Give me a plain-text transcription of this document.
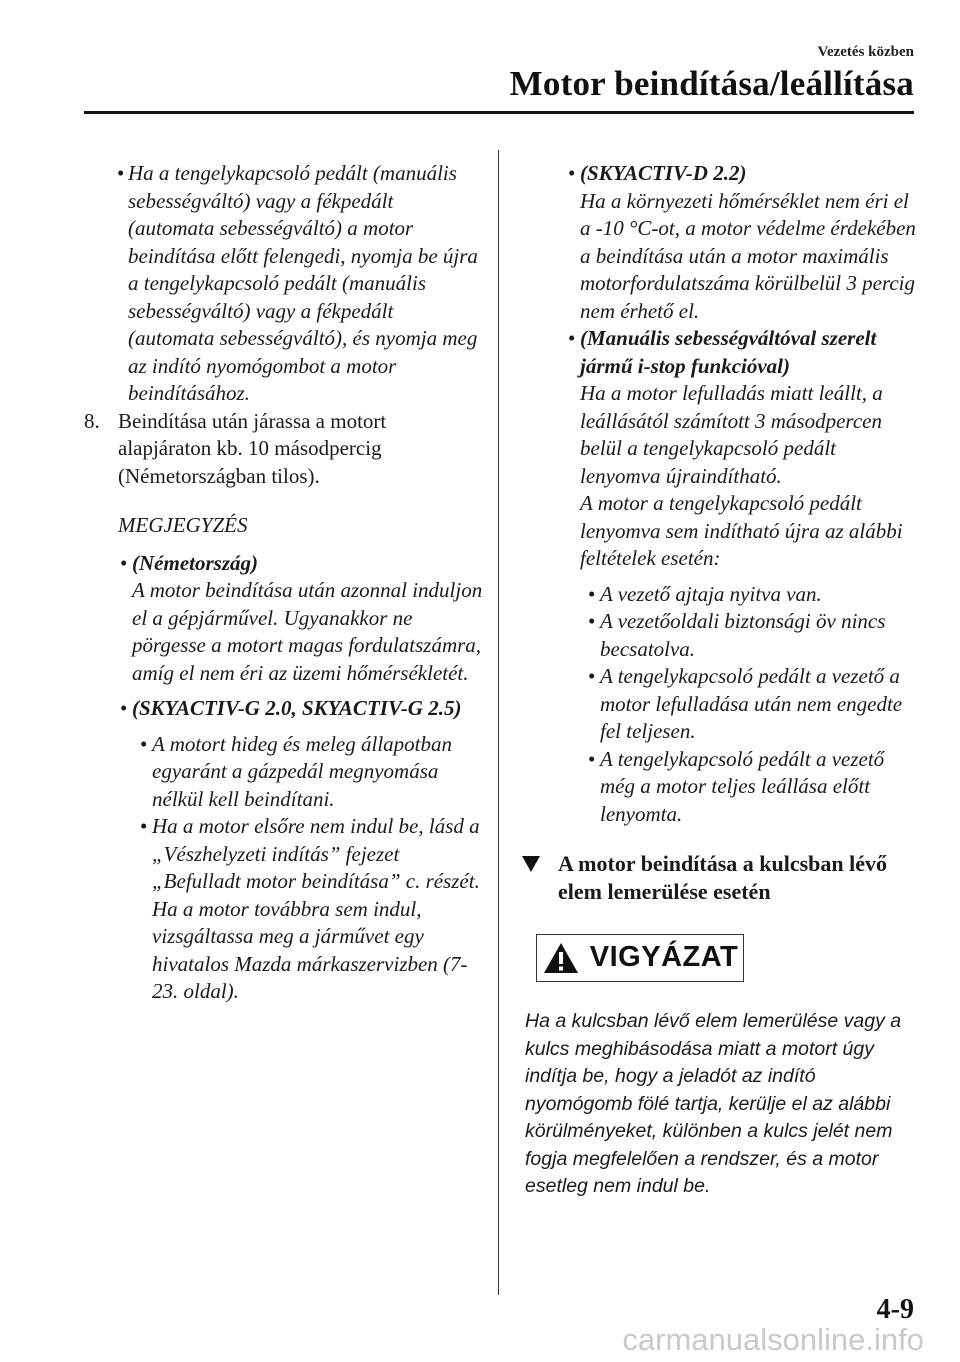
Vezetés közben
Motor beindítása/leállítása
• Ha a tengelykapcsoló pedált (manuális sebességváltó) vagy a fékpedált (automata sebességváltó) a motor beindítása előtt felengedi, nyomja be újra a tengelykapcsoló pedált (manuális sebességváltó) vagy a fékpedált (automata sebességváltó), és nyomja meg az indító nyomógombot a motor beindításához.
8. Beindítása után járassa a motort alapjáraton kb. 10 másodpercig (Németországban tilos).
MEGJEGYZÉS
• (Németország)
A motor beindítása után azonnal induljon el a gépjárművel. Ugyanakkor ne pörgesse a motort magas fordulatszámra, amíg el nem éri az üzemi hőmérsékletét.
• (SKYACTIV-G 2.0, SKYACTIV-G 2.5)
• A motort hideg és meleg állapotban egyaránt a gázpedál megnyomása nélkül kell beindítani.
• Ha a motor elsőre nem indul be, lásd a „Vészhelyzeti indítás” fejezet „Befulladt motor beindítása” c. részét. Ha a motor továbbra sem indul, vizsgáltassa meg a járművet egy hivatalos Mazda márkaszervizben (7-23. oldal).
• (SKYACTIV-D 2.2)
Ha a környezeti hőmérséklet nem éri el a -10 °C-ot, a motor védelme érdekében a beindítása után a motor maximális motorfordulatszáma körülbelül 3 percig nem érhető el.
• (Manuális sebességváltóval szerelt jármű i-stop funkcióval)
Ha a motor lefulladás miatt leállt, a leállásától számított 3 másodpercen belül a tengelykapcsoló pedált lenyomva újraindítható.
A motor a tengelykapcsoló pedált lenyomva sem indítható újra az alábbi feltételek esetén:
• A vezető ajtaja nyitva van.
• A vezetőoldali biztonsági öv nincs becsatolva.
• A tengelykapcsoló pedált a vezető a motor lefulladása után nem engedte fel teljesen.
• A tengelykapcsoló pedált a vezető még a motor teljes leállása előtt lenyomta.
A motor beindítása a kulcsban lévő elem lemerülése esetén
VIGYÁZAT
Ha a kulcsban lévő elem lemerülése vagy a kulcs meghibásodása miatt a motort úgy indítja be, hogy a jeladót az indító nyomógomb fölé tartja, kerülje el az alábbi körülményeket, különben a kulcs jelét nem fogja megfelelően a rendszer, és a motor esetleg nem indul be.
4-9
carmanualsonline.info
